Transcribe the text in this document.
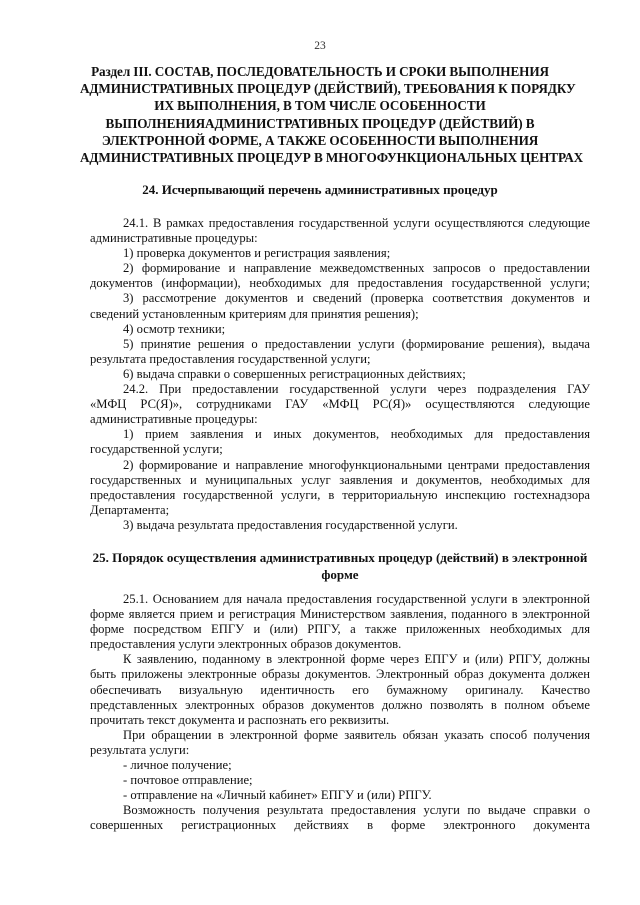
23
Раздел III. СОСТАВ, ПОСЛЕДОВАТЕЛЬНОСТЬ И СРОКИ ВЫПОЛНЕНИЯ
АДМИНИСТРАТИВНЫХ ПРОЦЕДУР (ДЕЙСТВИЙ), ТРЕБОВАНИЯ К ПОРЯДКУ
ИХ ВЫПОЛНЕНИЯ, В ТОМ ЧИСЛЕ ОСОБЕННОСТИ
ВЫПОЛНЕНИЯАДМИНИСТРАТИВНЫХ ПРОЦЕДУР (ДЕЙСТВИЙ) В
ЭЛЕКТРОННОЙ ФОРМЕ, А ТАКЖЕ ОСОБЕННОСТИ ВЫПОЛНЕНИЯ
АДМИНИСТРАТИВНЫХ ПРОЦЕДУР В МНОГОФУНКЦИОНАЛЬНЫХ ЦЕНТРАХ
24. Исчерпывающий перечень административных процедур
24.1. В рамках предоставления государственной услуги осуществляются следующие
административные процедуры:
1) проверка документов и регистрация заявления;
2) формирование и направление межведомственных запросов о предоставлении
документов (информации), необходимых для предоставления государственной услуги;
3) рассмотрение документов и сведений (проверка соответствия документов и
сведений установленным критериям для принятия решения);
4) осмотр техники;
5) принятие решения о предоставлении услуги (формирование решения), выдача
результата предоставления государственной услуги;
6) выдача справки о совершенных регистрационных действиях;
24.2. При предоставлении государственной услуги через подразделения ГАУ
«МФЦ РС(Я)», сотрудниками ГАУ «МФЦ РС(Я)» осуществляются следующие
административные процедуры:
1) прием заявления и иных документов, необходимых для предоставления
государственной услуги;
2) формирование и направление многофункциональными центрами предоставления
государственных и муниципальных услуг заявления и документов, необходимых для
предоставления государственной услуги, в территориальную инспекцию гостехнадзора
Департамента;
3) выдача результата предоставления государственной услуги.
25. Порядок осуществления административных процедур (действий) в электронной
форме
25.1. Основанием для начала предоставления государственной услуги в электронной
форме является прием и регистрация Министерством заявления, поданного в электронной
форме посредством ЕПГУ и (или) РПГУ, а также приложенных необходимых для
предоставления услуги электронных образов документов.
К заявлению, поданному в электронной форме через ЕПГУ и (или) РПГУ, должны
быть приложены электронные образы документов. Электронный образ документа должен
обеспечивать визуальную идентичность его бумажному оригиналу. Качество
представленных электронных образов документов должно позволять в полном объеме
прочитать текст документа и распознать его реквизиты.
При обращении в электронной форме заявитель обязан указать способ получения
результата услуги:
- личное получение;
- почтовое отправление;
- отправление на «Личный кабинет» ЕПГУ и (или) РПГУ.
Возможность получения результата предоставления услуги по выдаче справки о
совершенных регистрационных действиях в форме электронного документа
